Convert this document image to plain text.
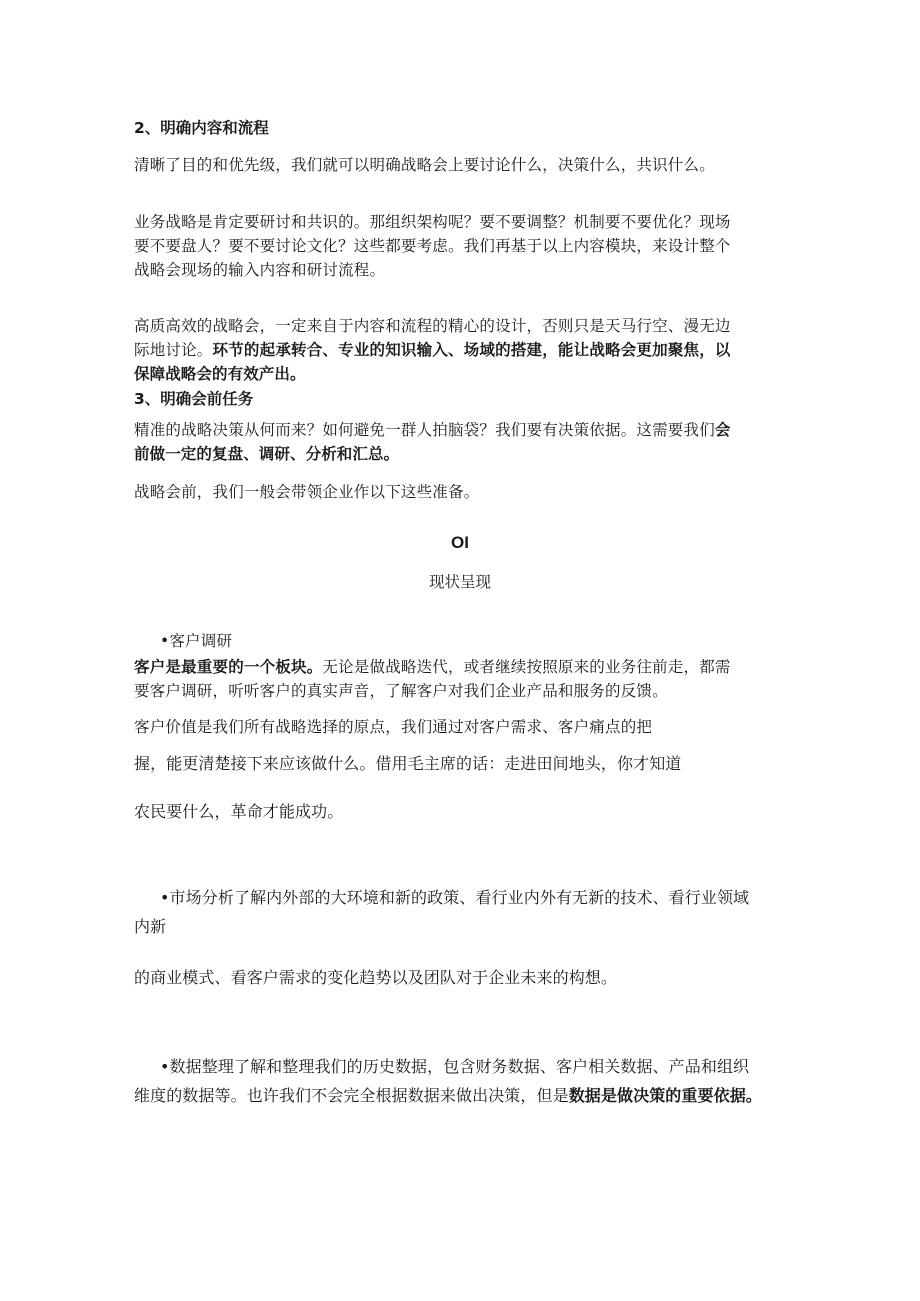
2、明确内容和流程

清晰了目的和优先级，我们就可以明确战略会上要讨论什么，决策什么，共识什么。

业务战略是肯定要研讨和共识的。那组织架构呢？要不要调整？机制要不要优化？现场

要不要盘人？要不要讨论文化？这些都要考虑。我们再基于以上内容模块，来设计整个

战略会现场的输入内容和研讨流程。

高质高效的战略会，一定来自于内容和流程的精心的设计，否则只是天马行空、漫无边

际地讨论。环节的起承转合、专业的知识输入、场域的搭建，能让战略会更加聚焦，以

保障战略会的有效产出。

3、明确会前任务

精准的战略决策从何而来？如何避免一群人拍脑袋？我们要有决策依据。这需要我们会

前做一定的复盘、调研、分析和汇总。

战略会前，我们一般会带领企业作以下这些准备。

OI

现状呈现

•客户调研

客户是最重要的一个板块。无论是做战略迭代，或者继续按照原来的业务往前走，都需

要客户调研，听听客户的真实声音，了解客户对我们企业产品和服务的反馈。

客户价值是我们所有战略选择的原点，我们通过对客户需求、客户痛点的把

握，能更清楚接下来应该做什么。借用毛主席的话：走进田间地头，你才知道

农民要什么，革命才能成功。

•市场分析了解内外部的大环境和新的政策、看行业内外有无新的技术、看行业领域

内新

的商业模式、看客户需求的变化趋势以及团队对于企业未来的构想。

•数据整理了解和整理我们的历史数据，包含财务数据、客户相关数据、产品和组织

维度的数据等。也许我们不会完全根据数据来做出决策，但是数据是做决策的重要依据。
